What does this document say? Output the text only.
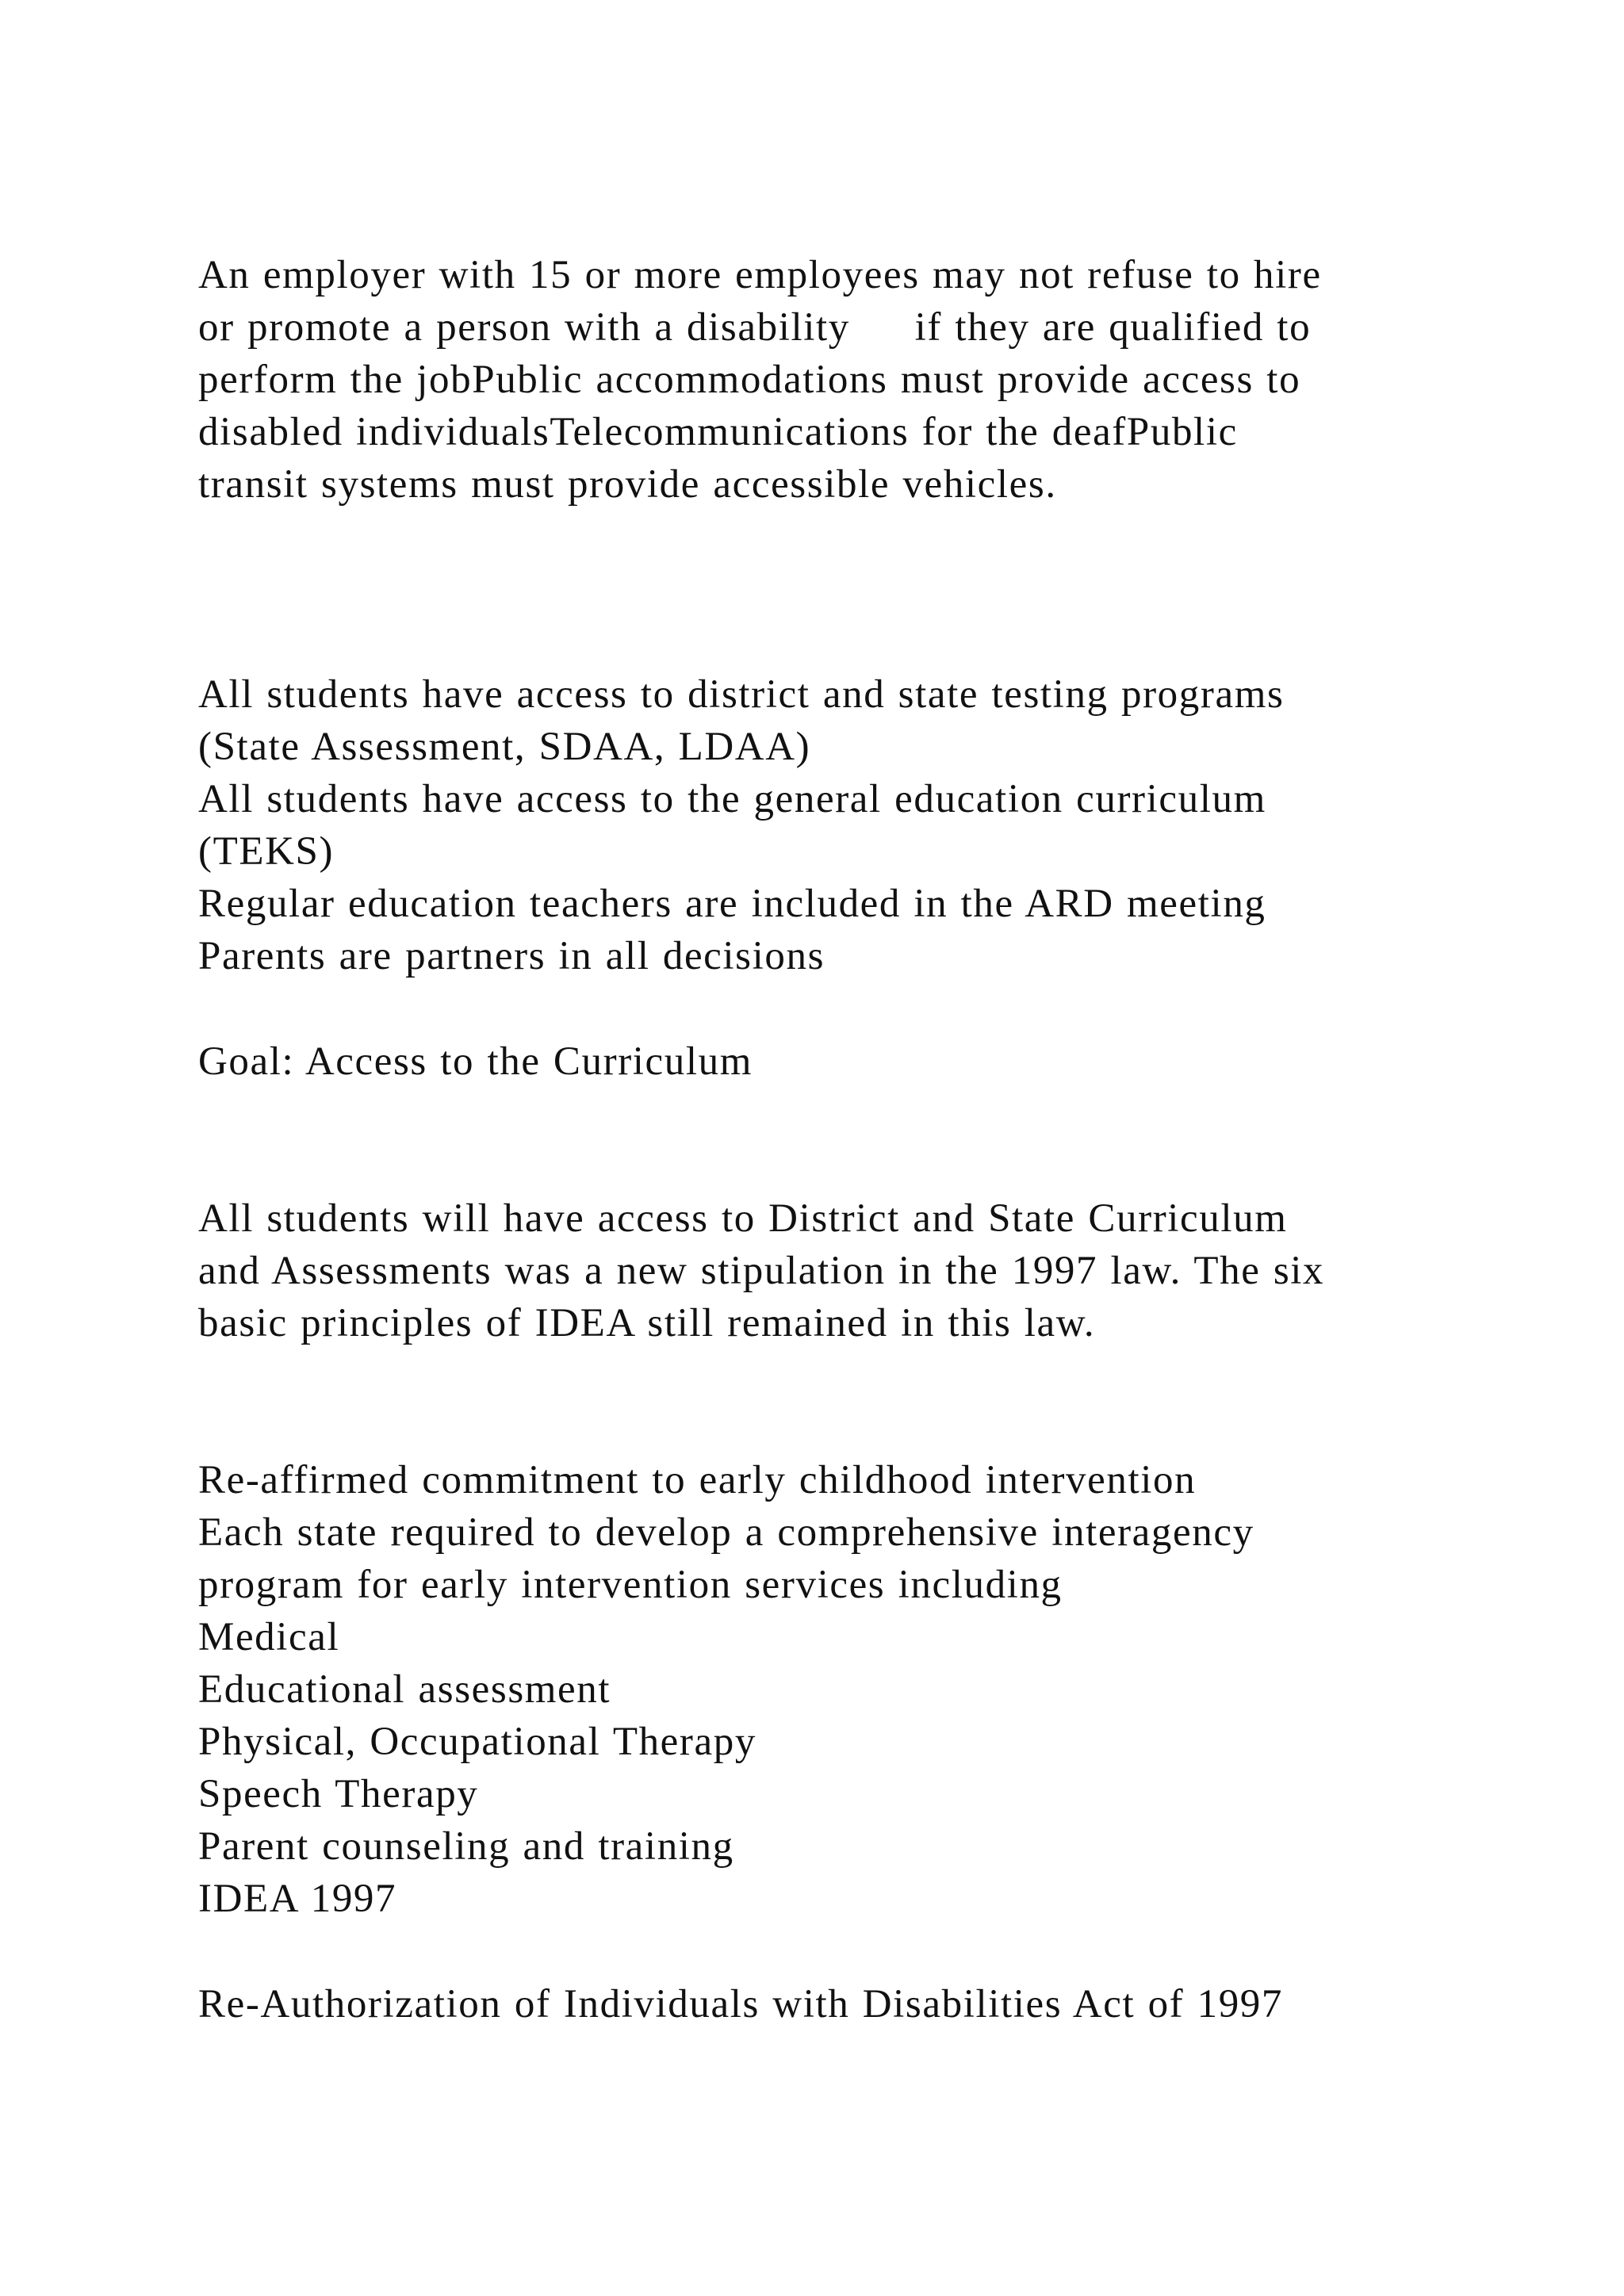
An employer with 15 or more employees may not refuse to hire
or promote a person with a disability     if they are qualified to
perform the jobPublic accommodations must provide access to
disabled individualsTelecommunications for the deafPublic
transit systems must provide accessible vehicles.
All students have access to district and state testing programs
(State Assessment, SDAA, LDAA)
All students have access to the general education curriculum
(TEKS)
Regular education teachers are included in the ARD meeting
Parents are partners in all decisions
Goal: Access to the Curriculum
All students will have access to District and State Curriculum
and Assessments was a new stipulation in the 1997 law. The six
basic principles of IDEA still remained in this law.
Re-affirmed commitment to early childhood intervention
Each state required to develop a comprehensive interagency
program for early intervention services including
Medical
Educational assessment
Physical, Occupational Therapy
Speech Therapy
Parent counseling and training
IDEA 1997
Re-Authorization of Individuals with Disabilities Act of 1997
